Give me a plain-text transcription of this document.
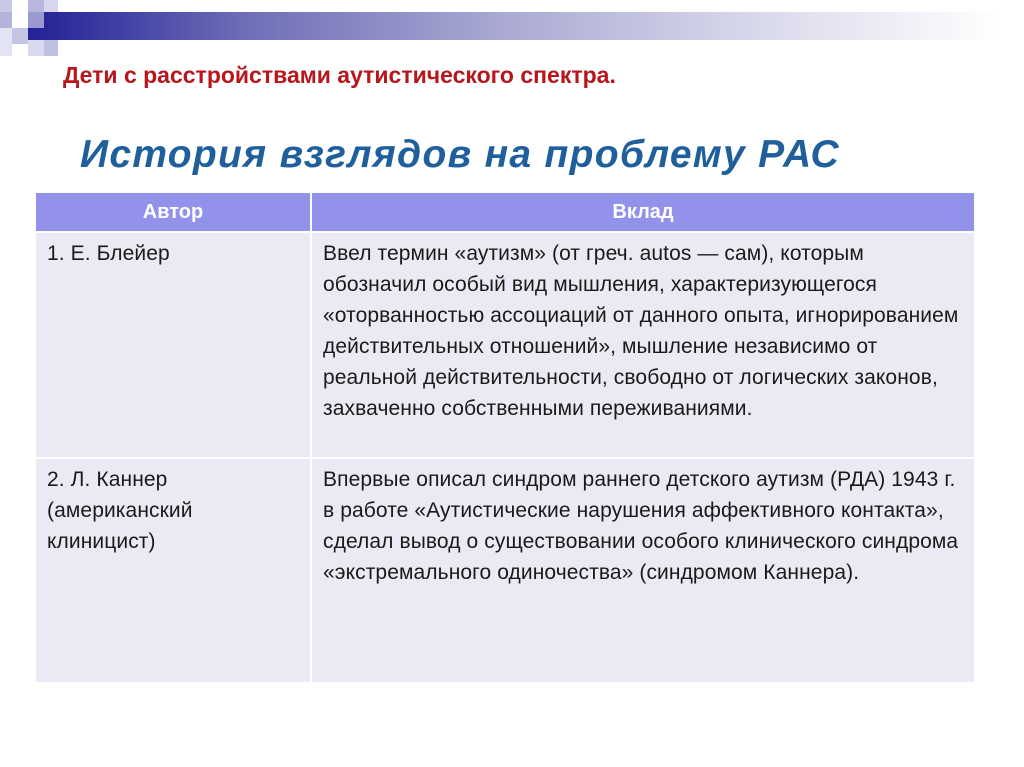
Дети с расстройствами аутистического спектра.
История взглядов на проблему РАС
Автор	Вклад
1. Е. Блейер	Ввел термин «аутизм» (от греч. autos — сам), которым обозначил особый вид мышления, характеризующегося «оторванностью ассоциаций от данного опыта, игнорированием действительных отношений», мышление независимо от реальной действительности, свободно от логических законов, захваченно собственными переживаниями.
2. Л. Каннер (американский клиницист)	Впервые описал синдром раннего детского аутизм (РДА) 1943 г. в работе «Аутистические нарушения аффективного контакта», сделал вывод о существовании особого клинического синдрома «экстремального одиночества» (синдромом Каннера).
